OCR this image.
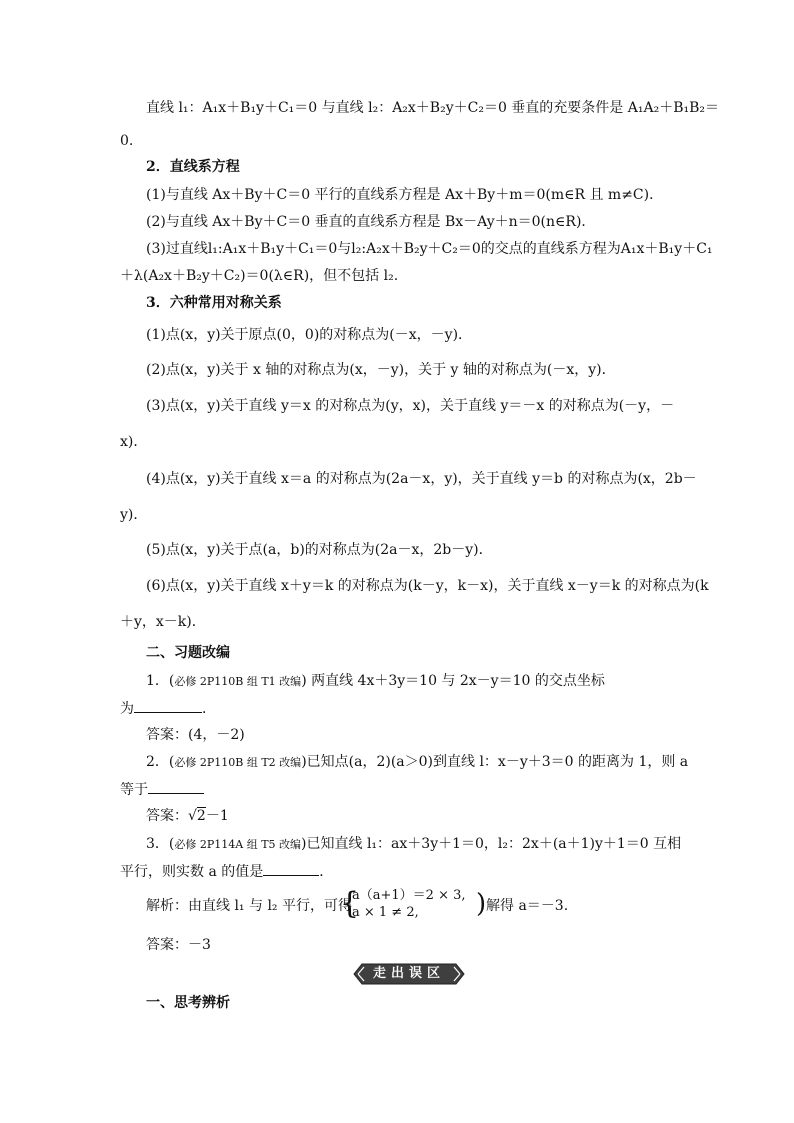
直线 l₁：A₁x＋B₁y＋C₁＝0 与直线 l₂：A₂x＋B₂y＋C₂＝0 垂直的充要条件是 A₁A₂＋B₁B₂＝
0.
2．直线系方程
(1)与直线 Ax＋By＋C＝0 平行的直线系方程是 Ax＋By＋m＝0(m∈R 且 m≠C)．
(2)与直线 Ax＋By＋C＝0 垂直的直线系方程是 Bx－Ay＋n＝0(n∈R)．
(3)过直线l₁:A₁x＋B₁y＋C₁＝0与l₂:A₂x＋B₂y＋C₂＝0的交点的直线系方程为A₁x＋B₁y＋C₁
＋λ(A₂x＋B₂y＋C₂)＝0(λ∈R)，但不包括 l₂.
3．六种常用对称关系
(1)点(x，y)关于原点(0，0)的对称点为(－x，－y)．
(2)点(x，y)关于 x 轴的对称点为(x，－y)，关于 y 轴的对称点为(－x，y)．
(3)点(x，y)关于直线 y＝x 的对称点为(y，x)，关于直线 y＝－x 的对称点为(－y，－
x)．
(4)点(x，y)关于直线 x＝a 的对称点为(2a－x，y)，关于直线 y＝b 的对称点为(x，2b－
y)．
(5)点(x，y)关于点(a，b)的对称点为(2a－x，2b－y)．
(6)点(x，y)关于直线 x＋y＝k 的对称点为(k－y，k－x)，关于直线 x－y＝k 的对称点为(k
＋y，x－k)．
二、习题改编
1．(必修 2P110B 组 T1 改编) 两直线 4x＋3y＝10 与 2x－y＝10 的交点坐标
为	．
答案：(4，－2)
2．(必修 2P110B 组 T2 改编)已知点(a，2)(a＞0)到直线 l：x－y＋3＝0 的距离为 1，则 a
等于
答案：√2－1
3．(必修 2P114A 组 T5 改编)已知直线 l₁：ax＋3y＋1＝0，l₂：2x＋(a＋1)y＋1＝0 互相
平行，则实数 a 的值是	．
解析：由直线 l₁ 与 l₂ 平行，可得
{
a（a+1）＝2 × 3,
a × 1 ≠ 2, ) 解得 a＝－3.
答案：－3
走出误区
一、思考辨析
